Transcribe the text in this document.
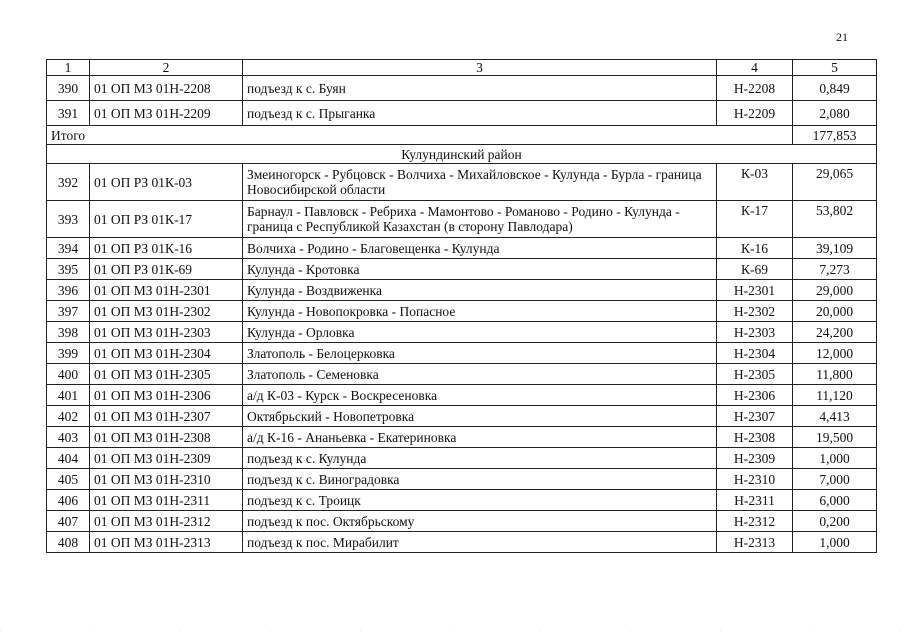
21
1	2	3	4	5
390	01 ОП МЗ 01Н-2208	подъезд к с. Буян	Н-2208	0,849
391	01 ОП МЗ 01Н-2209	подъезд к с. Прыганка	Н-2209	2,080
Итого				177,853
Кулундинский район				
392	01 ОП РЗ 01К-03	Змеиногорск - Рубцовск - Волчиха - Михайловское - Кулунда - Бурла - граница Новосибирской области	К-03	29,065
393	01 ОП РЗ 01К-17	Барнаул - Павловск - Ребриха - Мамонтово - Романово - Родино - Кулунда - граница с Республикой Казахстан (в сторону Павлодара)	К-17	53,802
394	01 ОП РЗ 01К-16	Волчиха - Родино - Благовещенка - Кулунда	К-16	39,109
395	01 ОП РЗ 01К-69	Кулунда - Кротовка	К-69	7,273
396	01 ОП МЗ 01Н-2301	Кулунда - Воздвиженка	Н-2301	29,000
397	01 ОП МЗ 01Н-2302	Кулунда - Новопокровка - Попасное	Н-2302	20,000
398	01 ОП МЗ 01Н-2303	Кулунда - Орловка	Н-2303	24,200
399	01 ОП МЗ 01Н-2304	Златополь - Белоцерковка	Н-2304	12,000
400	01 ОП МЗ 01Н-2305	Златополь - Семеновка	Н-2305	11,800
401	01 ОП МЗ 01Н-2306	а/д К-03 - Курск - Воскресеновка	Н-2306	11,120
402	01 ОП МЗ 01Н-2307	Октябрьский - Новопетровка	Н-2307	4,413
403	01 ОП МЗ 01Н-2308	а/д К-16 - Ананьевка - Екатериновка	Н-2308	19,500
404	01 ОП МЗ 01Н-2309	подъезд к с. Кулунда	Н-2309	1,000
405	01 ОП МЗ 01Н-2310	подъезд к с. Виноградовка	Н-2310	7,000
406	01 ОП МЗ 01Н-2311	подъезд к с. Троицк	Н-2311	6,000
407	01 ОП МЗ 01Н-2312	подъезд к пос. Октябрьскому	Н-2312	0,200
408	01 ОП МЗ 01Н-2313	подъезд к пос. Мирабилит	Н-2313	1,000
